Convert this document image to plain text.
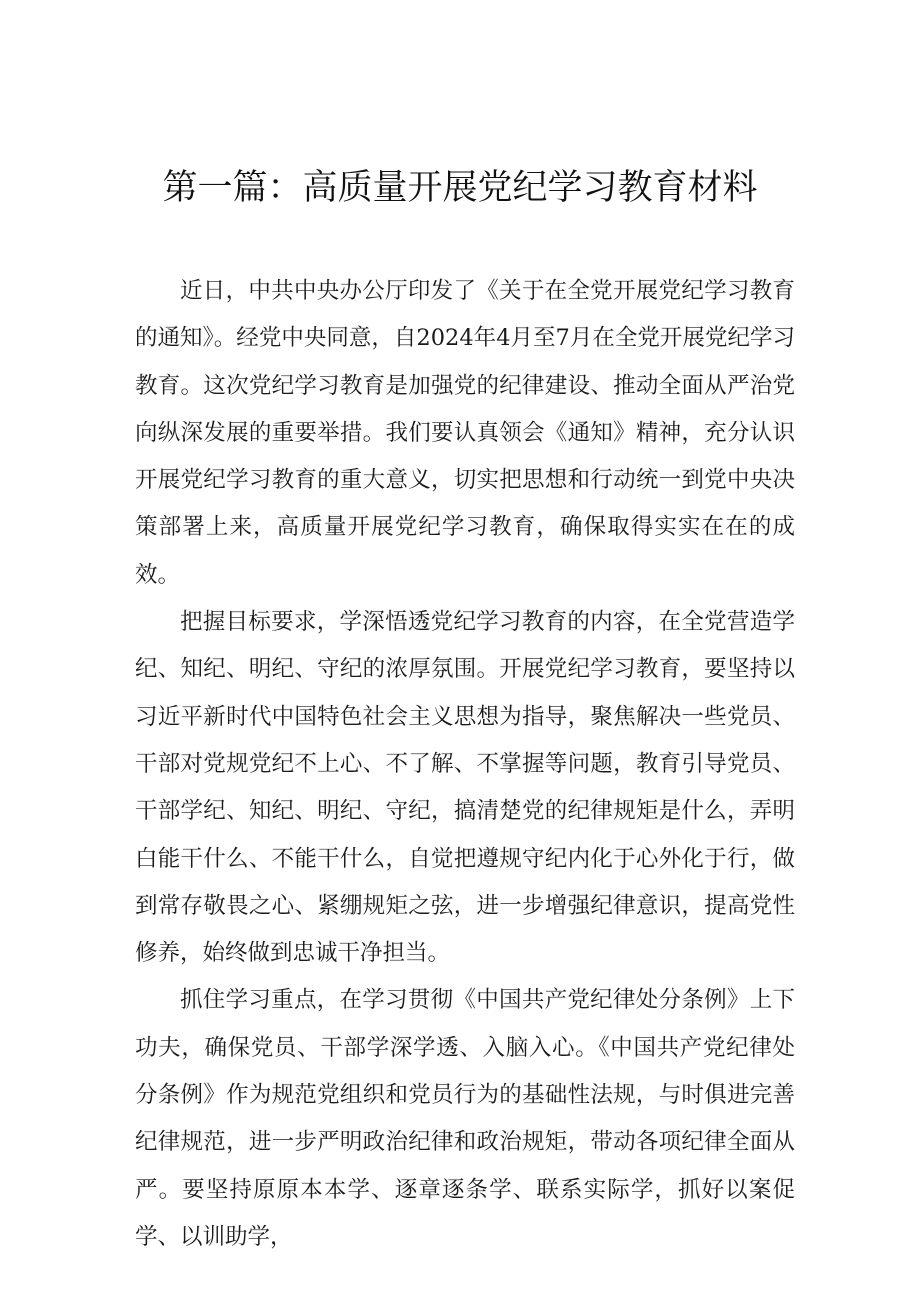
第一篇：高质量开展党纪学习教育材料

近日，中共中央办公厅印发了《关于在全党开展党纪学习教育的通知》。经党中央同意，自2024年4月至7月在全党开展党纪学习教育。这次党纪学习教育是加强党的纪律建设、推动全面从严治党向纵深发展的重要举措。我们要认真领会《通知》精神，充分认识开展党纪学习教育的重大意义，切实把思想和行动统一到党中央决策部署上来，高质量开展党纪学习教育，确保取得实实在在的成效。

把握目标要求，学深悟透党纪学习教育的内容，在全党营造学纪、知纪、明纪、守纪的浓厚氛围。开展党纪学习教育，要坚持以习近平新时代中国特色社会主义思想为指导，聚焦解决一些党员、干部对党规党纪不上心、不了解、不掌握等问题，教育引导党员、干部学纪、知纪、明纪、守纪，搞清楚党的纪律规矩是什么，弄明白能干什么、不能干什么，自觉把遵规守纪内化于心外化于行，做到常存敬畏之心、紧绷规矩之弦，进一步增强纪律意识，提高党性修养，始终做到忠诚干净担当。

抓住学习重点，在学习贯彻《中国共产党纪律处分条例》上下功夫，确保党员、干部学深学透、入脑入心。《中国共产党纪律处分条例》作为规范党组织和党员行为的基础性法规，与时俱进完善纪律规范，进一步严明政治纪律和政治规矩，带动各项纪律全面从严。要坚持原原本本学、逐章逐条学、联系实际学，抓好以案促学、以训助学，
